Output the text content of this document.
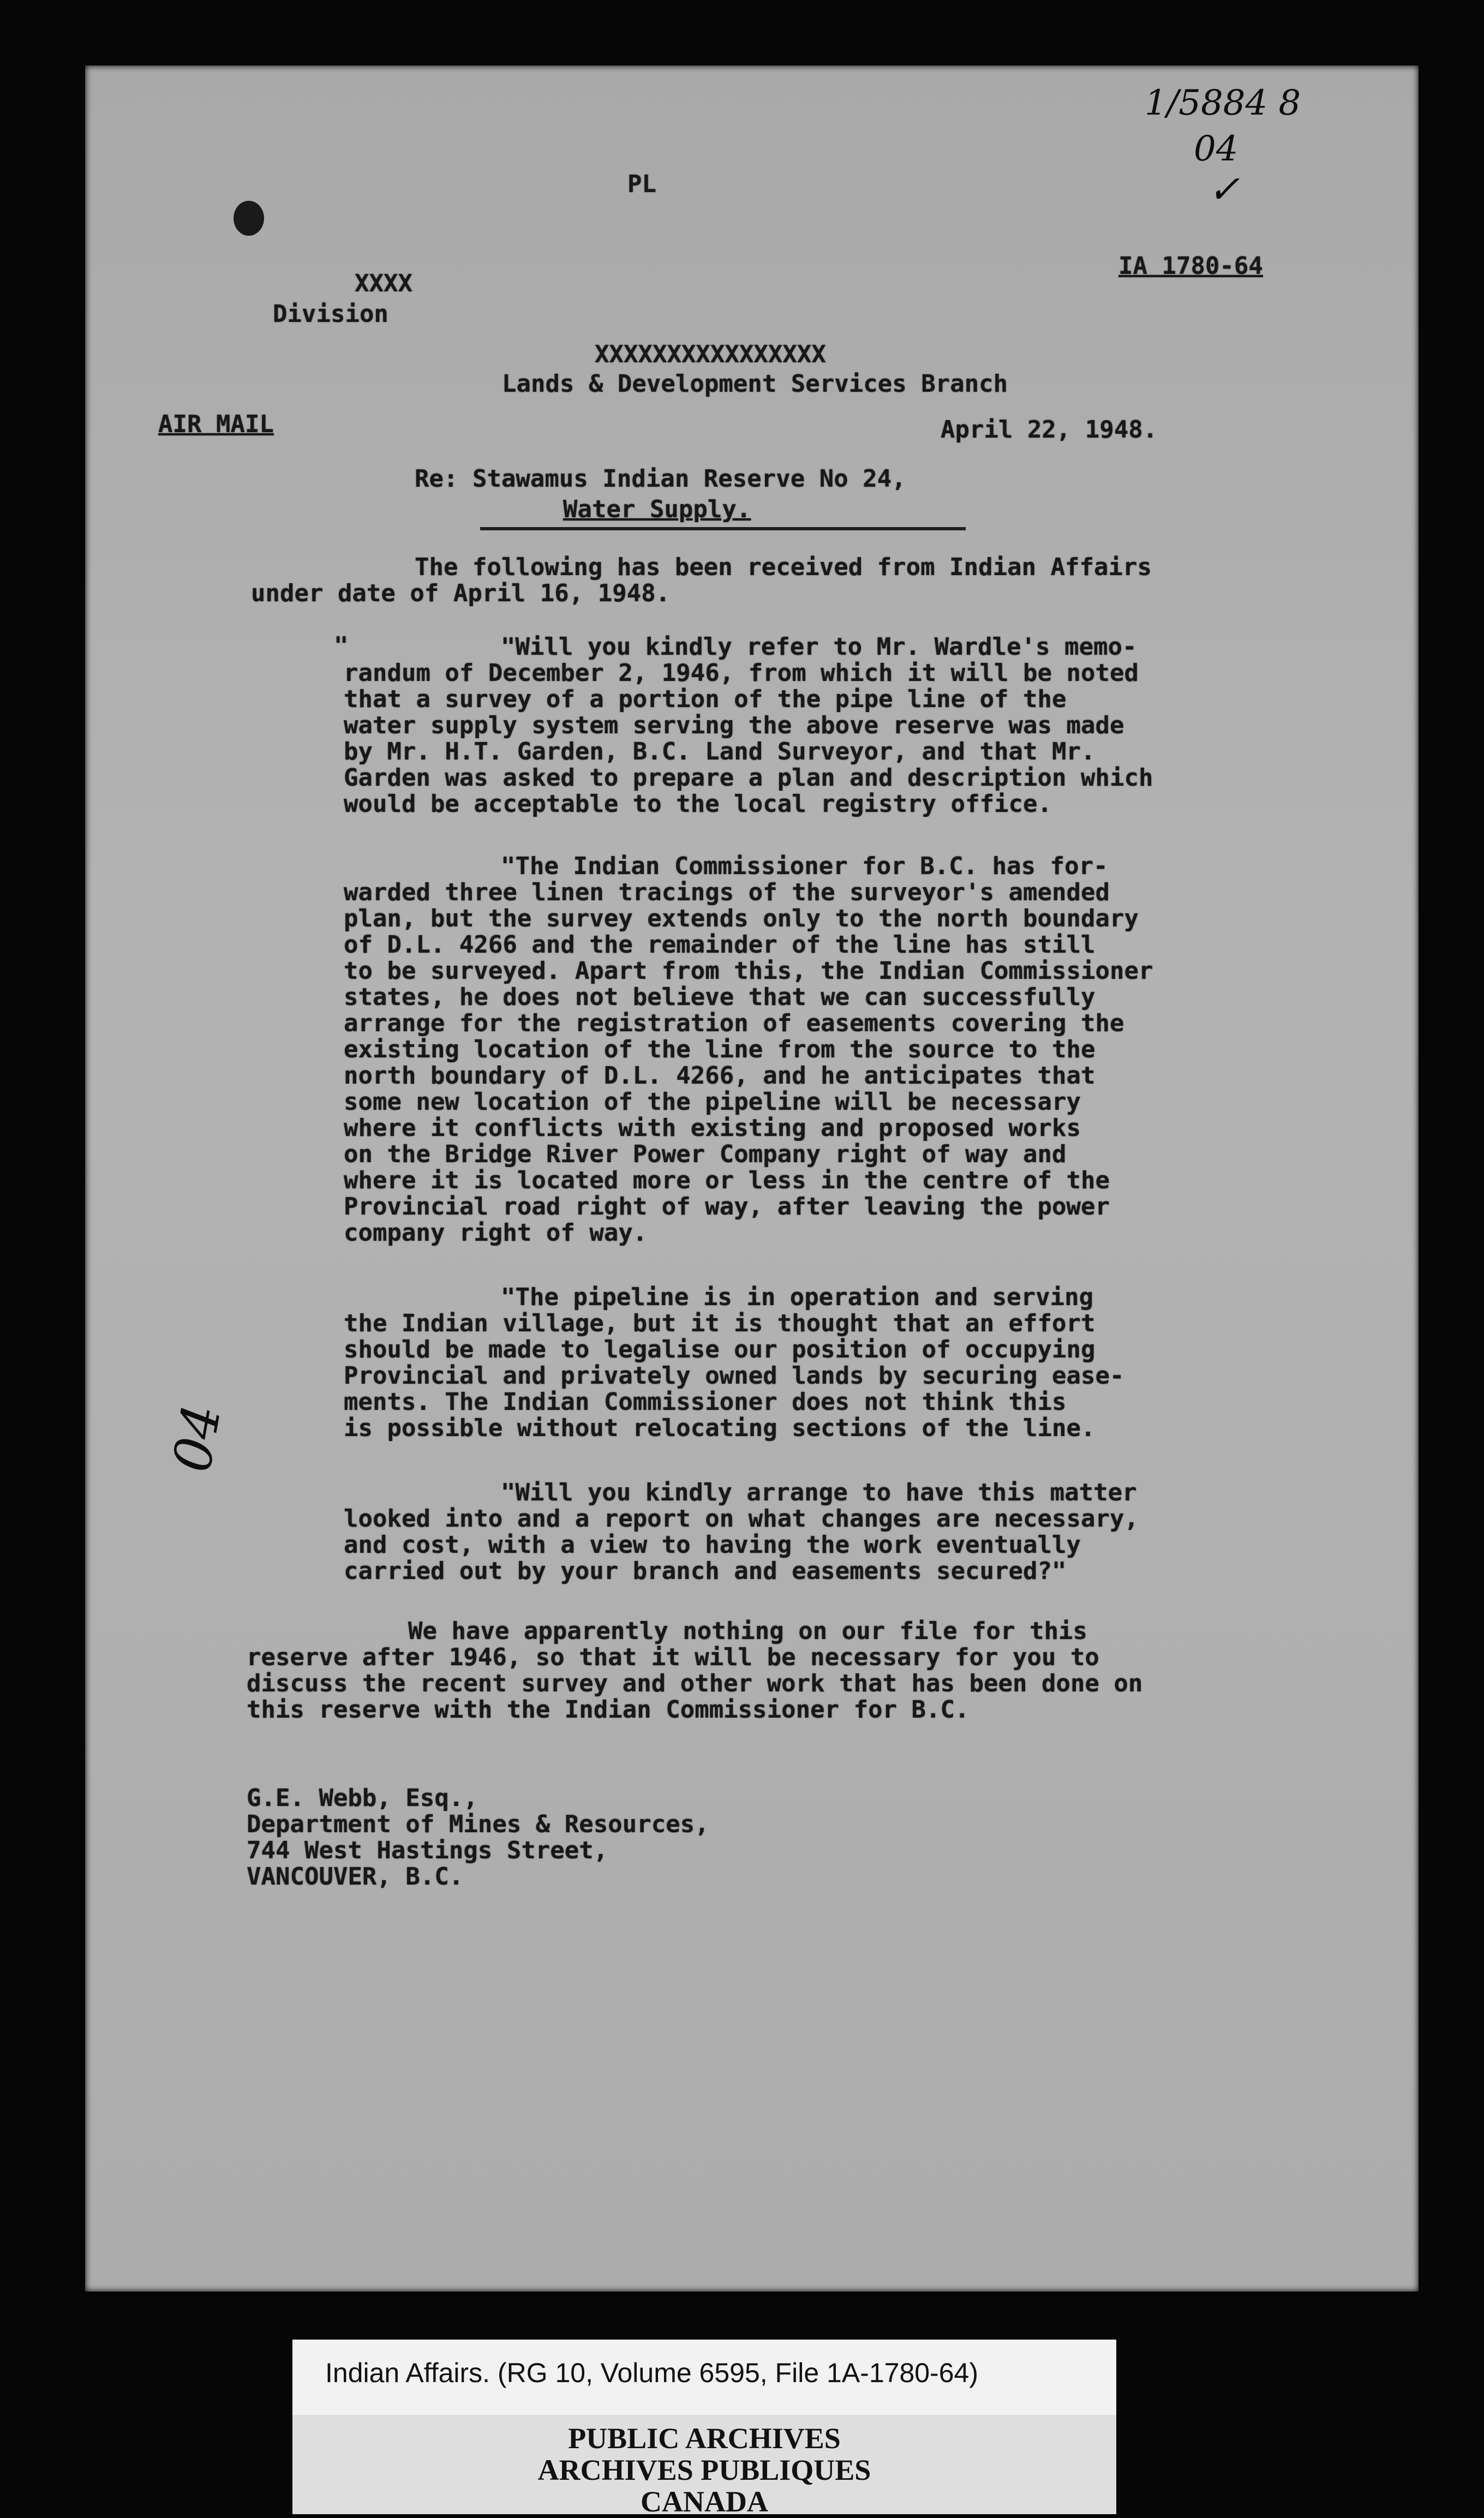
1/5884 8
04
✓
04
PL
IA 1780-64
XXXX
Division
XXXXXXXXXXXXXXXX
Lands & Development Services Branch
AIR MAIL	April 22, 1948.
Re: Stawamus Indian Reserve No 24,
Water Supply.
The following has been received from Indian Affairs
under date of April 16, 1948.
"	"Will you kindly refer to Mr. Wardle's memo-
randum of December 2, 1946, from which it will be noted
that a survey of a portion of the pipe line of the
water supply system serving the above reserve was made
by Mr. H.T. Garden, B.C. Land Surveyor, and that Mr.
Garden was asked to prepare a plan and description which
would be acceptable to the local registry office.
"The Indian Commissioner for B.C. has for-
warded three linen tracings of the surveyor's amended
plan, but the survey extends only to the north boundary
of D.L. 4266 and the remainder of the line has still
to be surveyed. Apart from this, the Indian Commissioner
states, he does not believe that we can successfully
arrange for the registration of easements covering the
existing location of the line from the source to the
north boundary of D.L. 4266, and he anticipates that
some new location of the pipeline will be necessary
where it conflicts with existing and proposed works
on the Bridge River Power Company right of way and
where it is located more or less in the centre of the
Provincial road right of way, after leaving the power
company right of way.
"The pipeline is in operation and serving
the Indian village, but it is thought that an effort
should be made to legalise our position of occupying
Provincial and privately owned lands by securing ease-
ments. The Indian Commissioner does not think this
is possible without relocating sections of the line.
"Will you kindly arrange to have this matter
looked into and a report on what changes are necessary,
and cost, with a view to having the work eventually
carried out by your branch and easements secured?"
We have apparently nothing on our file for this
reserve after 1946, so that it will be necessary for you to
discuss the recent survey and other work that has been done on
this reserve with the Indian Commissioner for B.C.
G.E. Webb, Esq.,
Department of Mines & Resources,
744 West Hastings Street,
VANCOUVER, B.C.
Indian Affairs. (RG 10, Volume 6595, File 1A-1780-64)
PUBLIC ARCHIVES
ARCHIVES PUBLIQUES
CANADA
